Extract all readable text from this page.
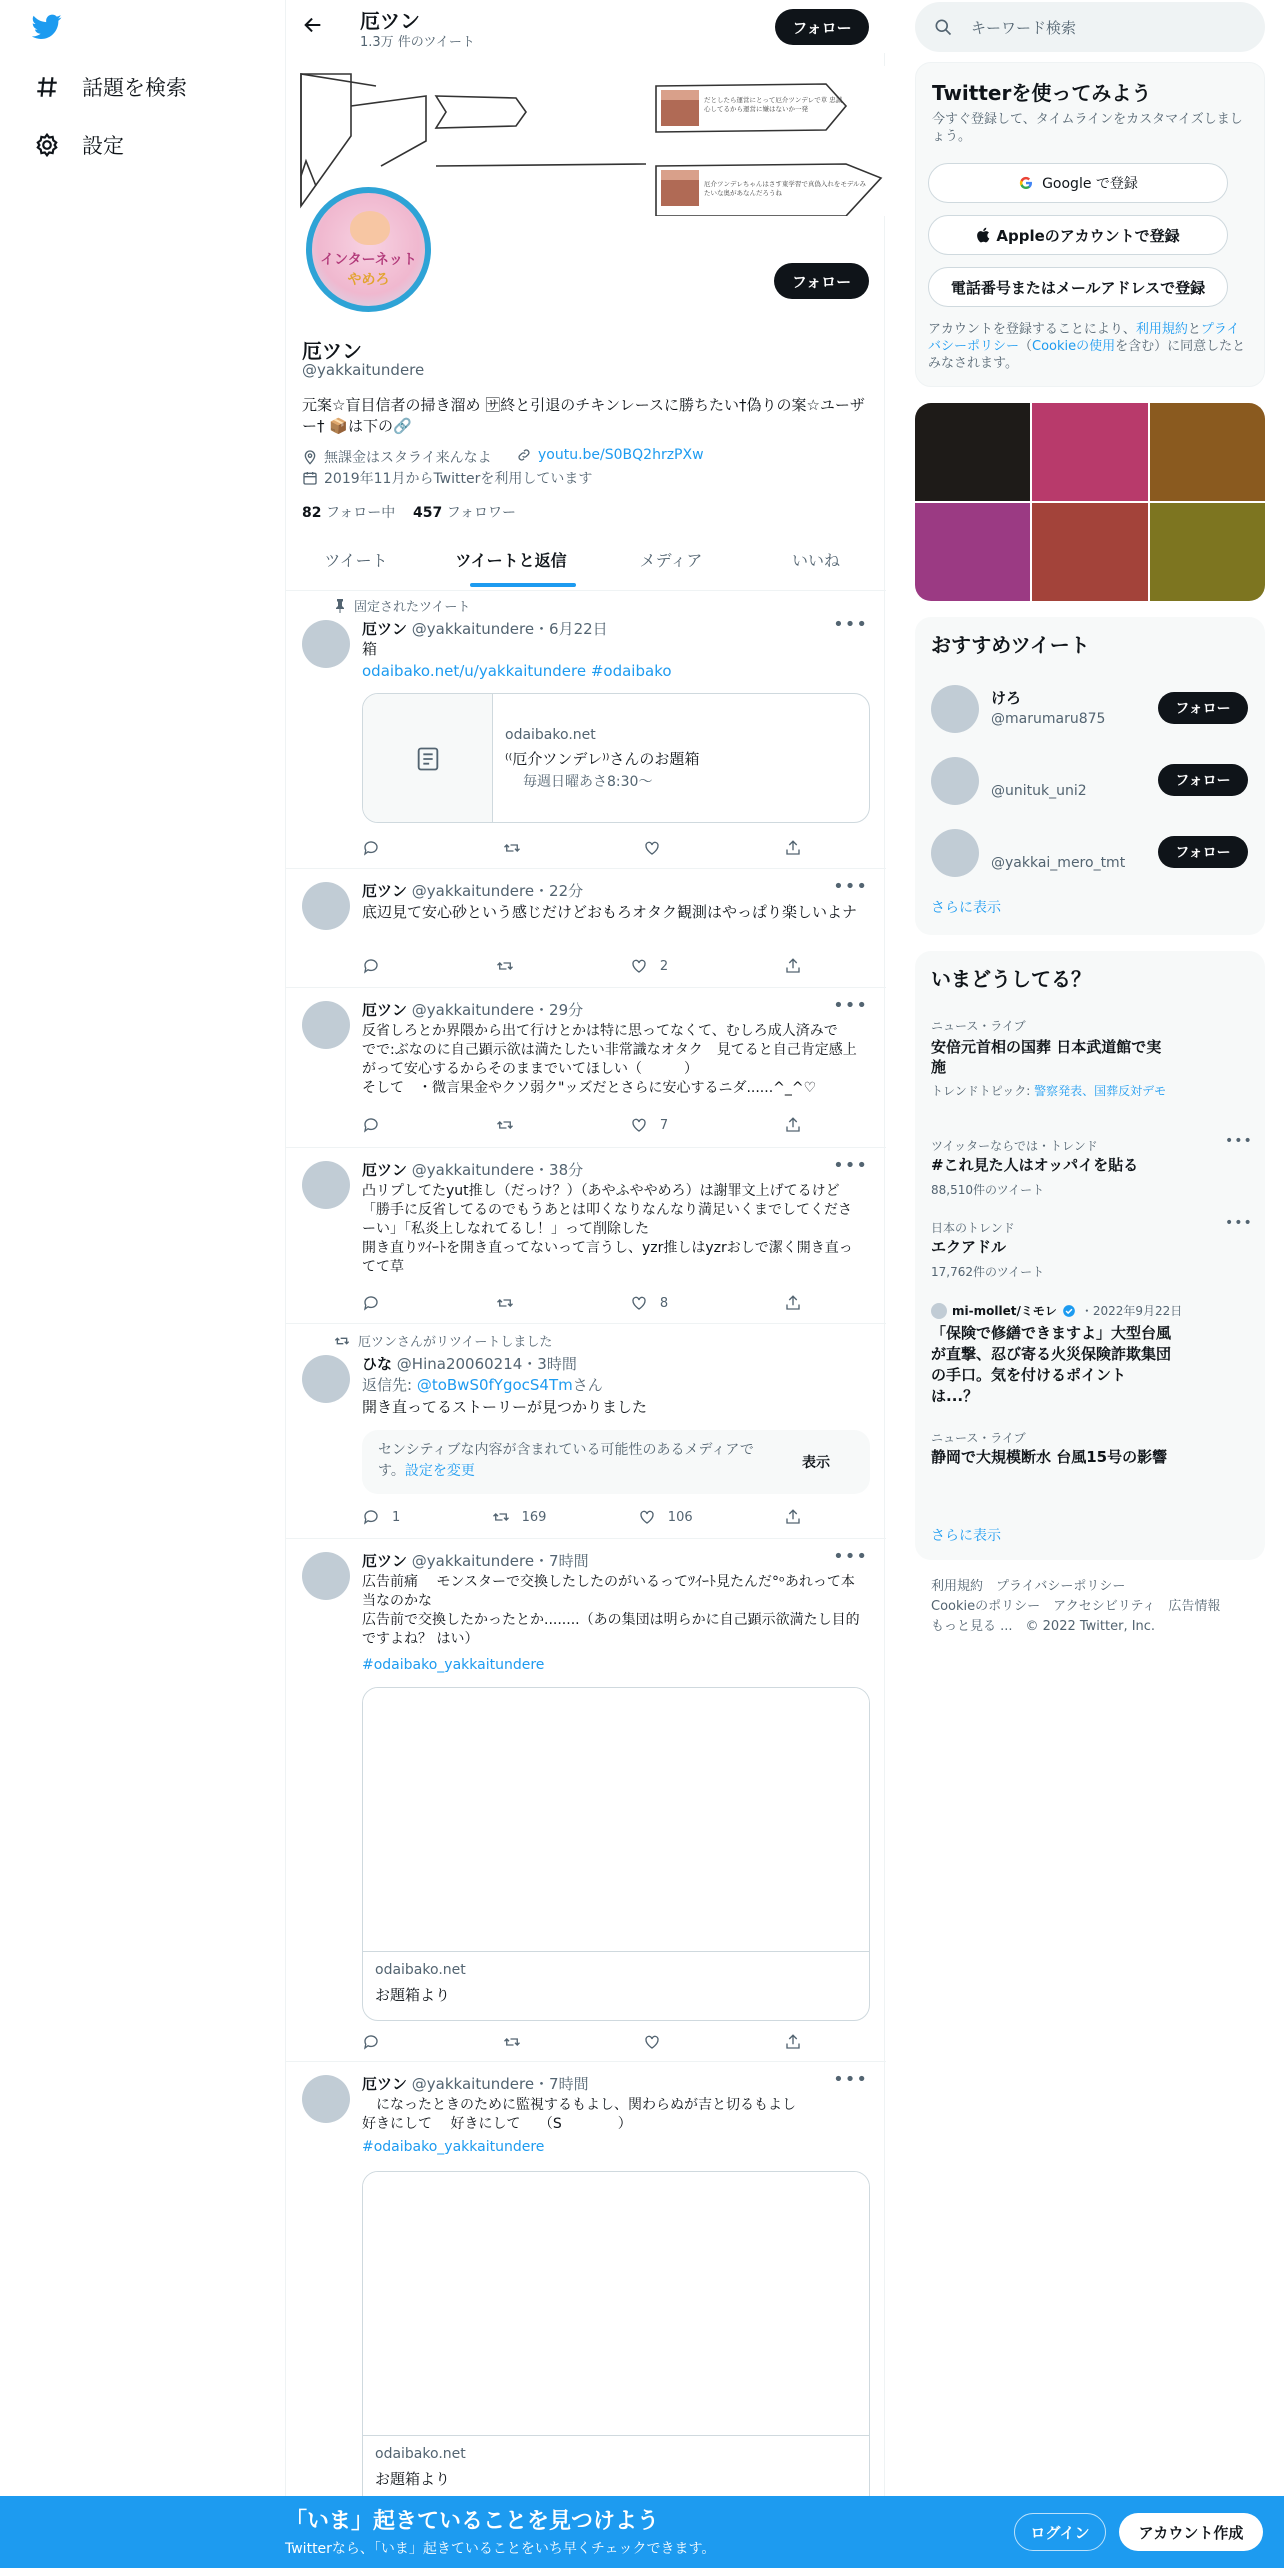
話題を検索
設定
厄ツン
1.3万 件のツイート
フォロー
だとしたら運営にとって厄介ツンデレで草 忠誠心してるから運営に嫌はないか一発
厄介ツンデレちゃんはさす東学習で真偽入れをモデルみたいな奥があなんだろうね
インターネット
やめろ	フォロー
厄ツン
@yakkaitundere
元案☆盲目信者の掃き溜め 🈂終と引退のチキンレースに勝ちたい†偽りの案☆ユーザー† 📦は下の🔗
無課金はスタライ来んなよ	youtu.be/S0BQ2hrzPXw
2019年11月からTwitterを利用しています
82 フォロー中 457 フォロワー
ツイート	ツイートと返信	メディア	いいね
固定されたツイート
厄ツン @yakkaitundere・6月22日	•••
箱
odaibako.net/u/yakkaitundere #odaibako
odaibako.net
⁽⁽厄介ツンデレ⁾⁾さんのお題箱
毎週日曜あさ8:30〜
厄ツン @yakkaitundere・22分	•••
底辺見て安心砂という感じだけどおもろオタク観測はやっぱり楽しいよナ
2
厄ツン @yakkaitundere・29分	•••
反省しろとか界隈から出て行けとかは特に思ってなくて、むしろ成人済みで　でで:ぶなのに自己顕示欲は満たしたい非常識なオタク　見てると自己肯定感上がって安心するからそのままでいてほしい（　　　）
そして　・微言果金やクソ弱ク"ッズだとさらに安心するニダ......^_^♡
7
厄ツン @yakkaitundere・38分	•••
凸リプしてたyut推し（だっけ？）（あやふややめろ）は謝罪文上げてるけど「勝手に反省してるのでもうあとは叩くなりなんなり満足いくまでしてくださーい」「私炎上しなれてるし！」って削除した
開き直りﾂｲｰﾄを開き直ってないって言うし、yzr推しはyzrおしで潔く開き直ってて草
8
厄ツンさんがリツイートしました
ひな @Hina20060214・3時間
返信先: @toBwS0fYgocS4Tmさん
開き直ってるストーリーが見つかりました
センシティブな内容が含まれている可能性のあるメディアです。設定を変更	表示
1	169	106
厄ツン @yakkaitundere・7時間	•••
広告前痛　 モンスターで交換したしたのがいるってﾂｲｰﾄ見たんだ°ᵒあれって本当なのかな
広告前で交換したかったとか........（あの集団は明らかに自己顕示欲満たし目的ですよね？ はい）
#odaibako_yakkaitundere
odaibako.net
お題箱より
厄ツン @yakkaitundere・7時間	•••
　になったときのために監視するもよし、関わらぬが吉と切るもよし
好きにして　 好きにして　 （S　　　　）
#odaibako_yakkaitundere
odaibako.net
お題箱より
キーワード検索
Twitterを使ってみよう
今すぐ登録して、タイムラインをカスタマイズしましょう。
Google で登録
Appleのアカウントで登録
電話番号またはメールアドレスで登録
アカウントを登録することにより、利用規約とプライバシーポリシー（Cookieの使用を含む）に同意したとみなされます。
おすすめツイート
けろ
@marumaru875
フォロー
@unituk_uni2
フォロー
@yakkai_mero_tmt
フォロー
さらに表示
いまどうしてる？
ニュース・ライブ
安倍元首相の国葬 日本武道館で実施
トレンドトピック: 警察発表、国葬反対デモ
ツイッターならでは・トレンド
#これ見た人はオッパイを貼る
88,510件のツイート
•••
日本のトレンド
エクアドル
17,762件のツイート
•••
mi-mollet/ミモレ ・2022年9月22日
「保険で修繕できますよ」大型台風が直撃、忍び寄る火災保険詐欺集団の手口。気を付けるポイントは...？
ニュース・ライブ
静岡で大規模断水 台風15号の影響
さらに表示
利用規約　プライバシーポリシー
Cookieのポリシー　アクセシビリティ　広告情報
もっと見る ...　© 2022 Twitter, Inc.
「いま」起きていることを見つけよう
Twitterなら、「いま」起きていることをいち早くチェックできます。
ログイン	アカウント作成
